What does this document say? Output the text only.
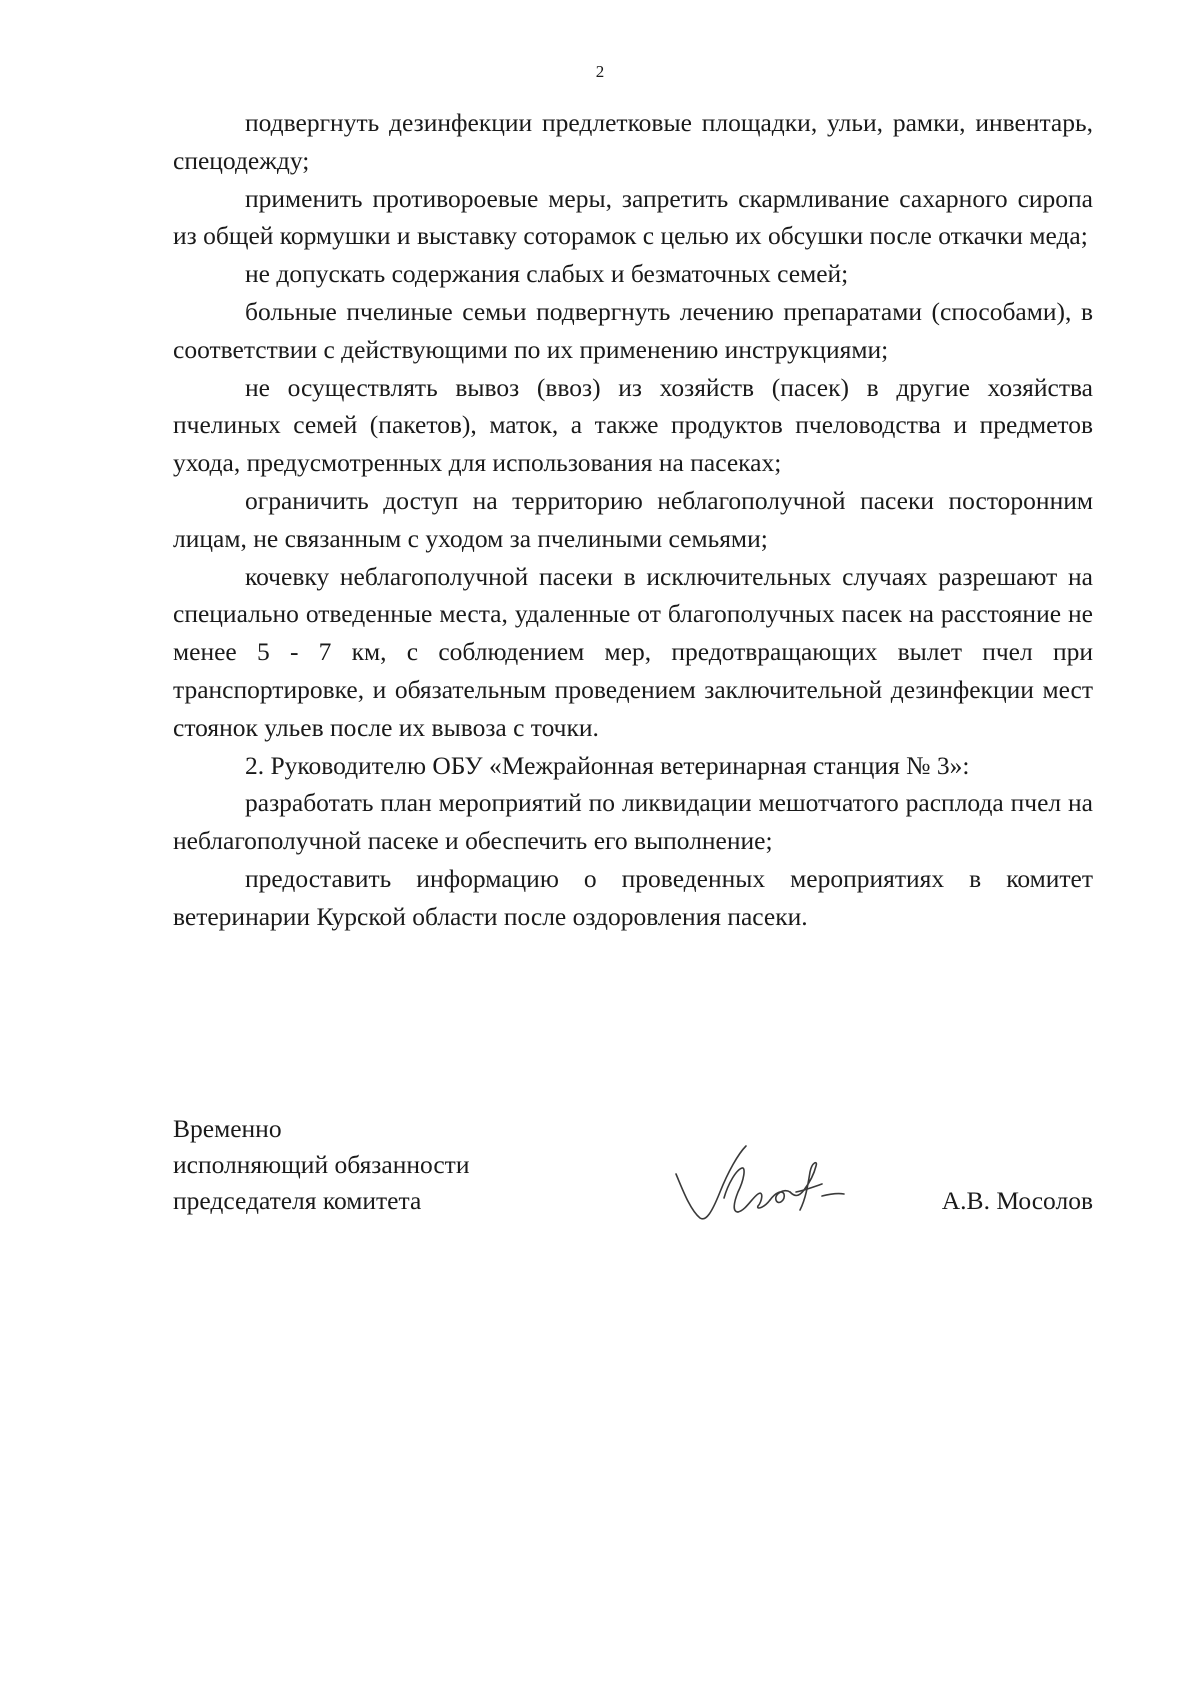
2

подвергнуть дезинфекции предлетковые площадки, ульи, рамки, инвентарь, спецодежду;

применить противороевые меры, запретить скармливание сахарного сиропа из общей кормушки и выставку сотoрамок с целью их обсушки после откачки меда;

не допускать содержания слабых и безматочных семей;

больные пчелиные семьи подвергнуть лечению препаратами (способами), в соответствии с действующими по их применению инструкциями;

не осуществлять вывоз (ввоз) из хозяйств (пасек) в другие хозяйства пчелиных семей (пакетов), маток, а также продуктов пчеловодства и предметов ухода, предусмотренных для использования на пасеках;

ограничить доступ на территорию неблагополучной пасеки посторонним лицам, не связанным с уходом за пчелиными семьями;

кочевку неблагополучной пасеки в исключительных случаях разрешают на специально отведенные места, удаленные от благополучных пасек на расстояние не менее 5 - 7 км, с соблюдением мер, предотвращающих вылет пчел при транспортировке, и обязательным проведением заключительной дезинфекции мест стоянок ульев после их вывоза с точки.

2. Руководителю ОБУ «Межрайонная ветеринарная станция № 3»:

разработать план мероприятий по ликвидации мешотчатого расплода пчел на неблагополучной пасеке и обеспечить его выполнение;

предоставить информацию о проведенных мероприятиях в комитет ветеринарии Курской области после оздоровления пасеки.

Временно
исполняющий обязанности
председателя комитета	А.В. Мосолов
